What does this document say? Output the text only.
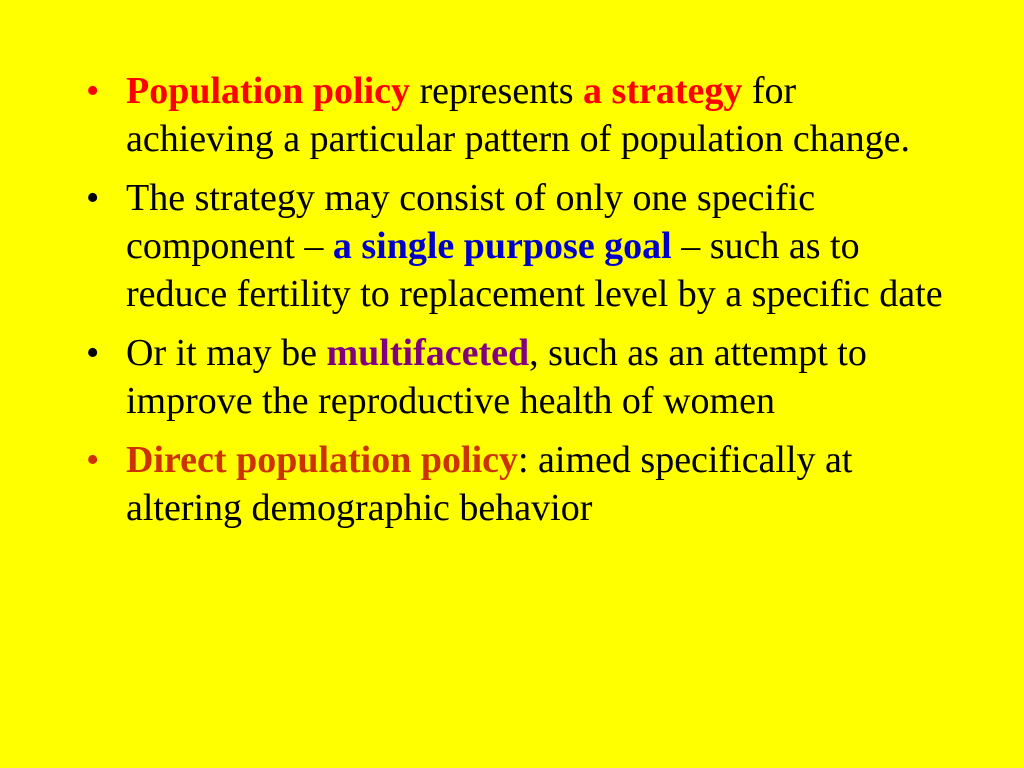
• Population policy represents a strategy for achieving a particular pattern of population change.
• The strategy may consist of only one specific component – a single purpose goal – such as to reduce fertility to replacement level by a specific date
• Or it may be multifaceted, such as an attempt to improve the reproductive health of women
• Direct population policy: aimed specifically at altering demographic behavior
